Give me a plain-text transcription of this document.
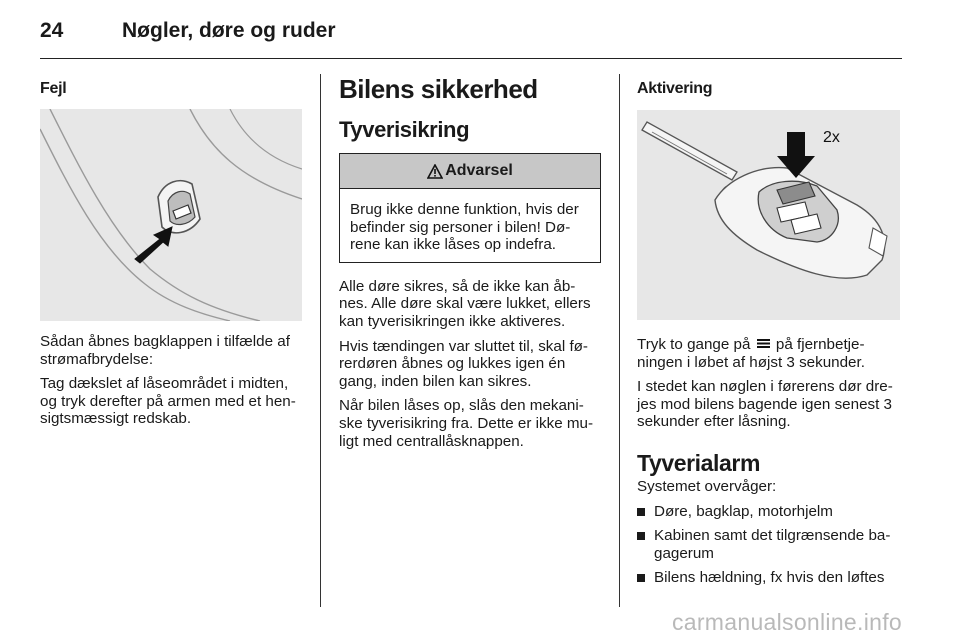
24	Nøgler, døre og ruder
Fejl

Sådan åbnes bagklappen i tilfælde af strømafbrydelse:

Tag dækslet af låseområdet i midten, og tryk derefter på armen med et hen-sigtsmæssigt redskab.

Bilens sikkerhed
Tyverisikring
Advarsel

Brug ikke denne funktion, hvis der befinder sig personer i bilen! Dø-rene kan ikke låses op indefra.

Alle døre sikres, så de ikke kan åb-nes. Alle døre skal være lukket, ellers kan tyverisikringen ikke aktiveres.

Hvis tændingen var sluttet til, skal fø-rerdøren åbnes og lukkes igen én gang, inden bilen kan sikres.

Når bilen låses op, slås den mekani-ske tyverisikring fra. Dette er ikke mu-ligt med centrallåsknappen.

Aktivering
2x

Tryk to gange på på fjernbetje-ningen i løbet af højst 3 sekunder.

I stedet kan nøglen i førerens dør dre-jes mod bilens bagende igen senest 3 sekunder efter låsning.

Tyverialarm

Systemet overvåger:

Døre, bagklap, motorhjelm
Kabinen samt det tilgrænsende ba-gagerum
Bilens hældning, fx hvis den løftes
carmanualsonline.info
